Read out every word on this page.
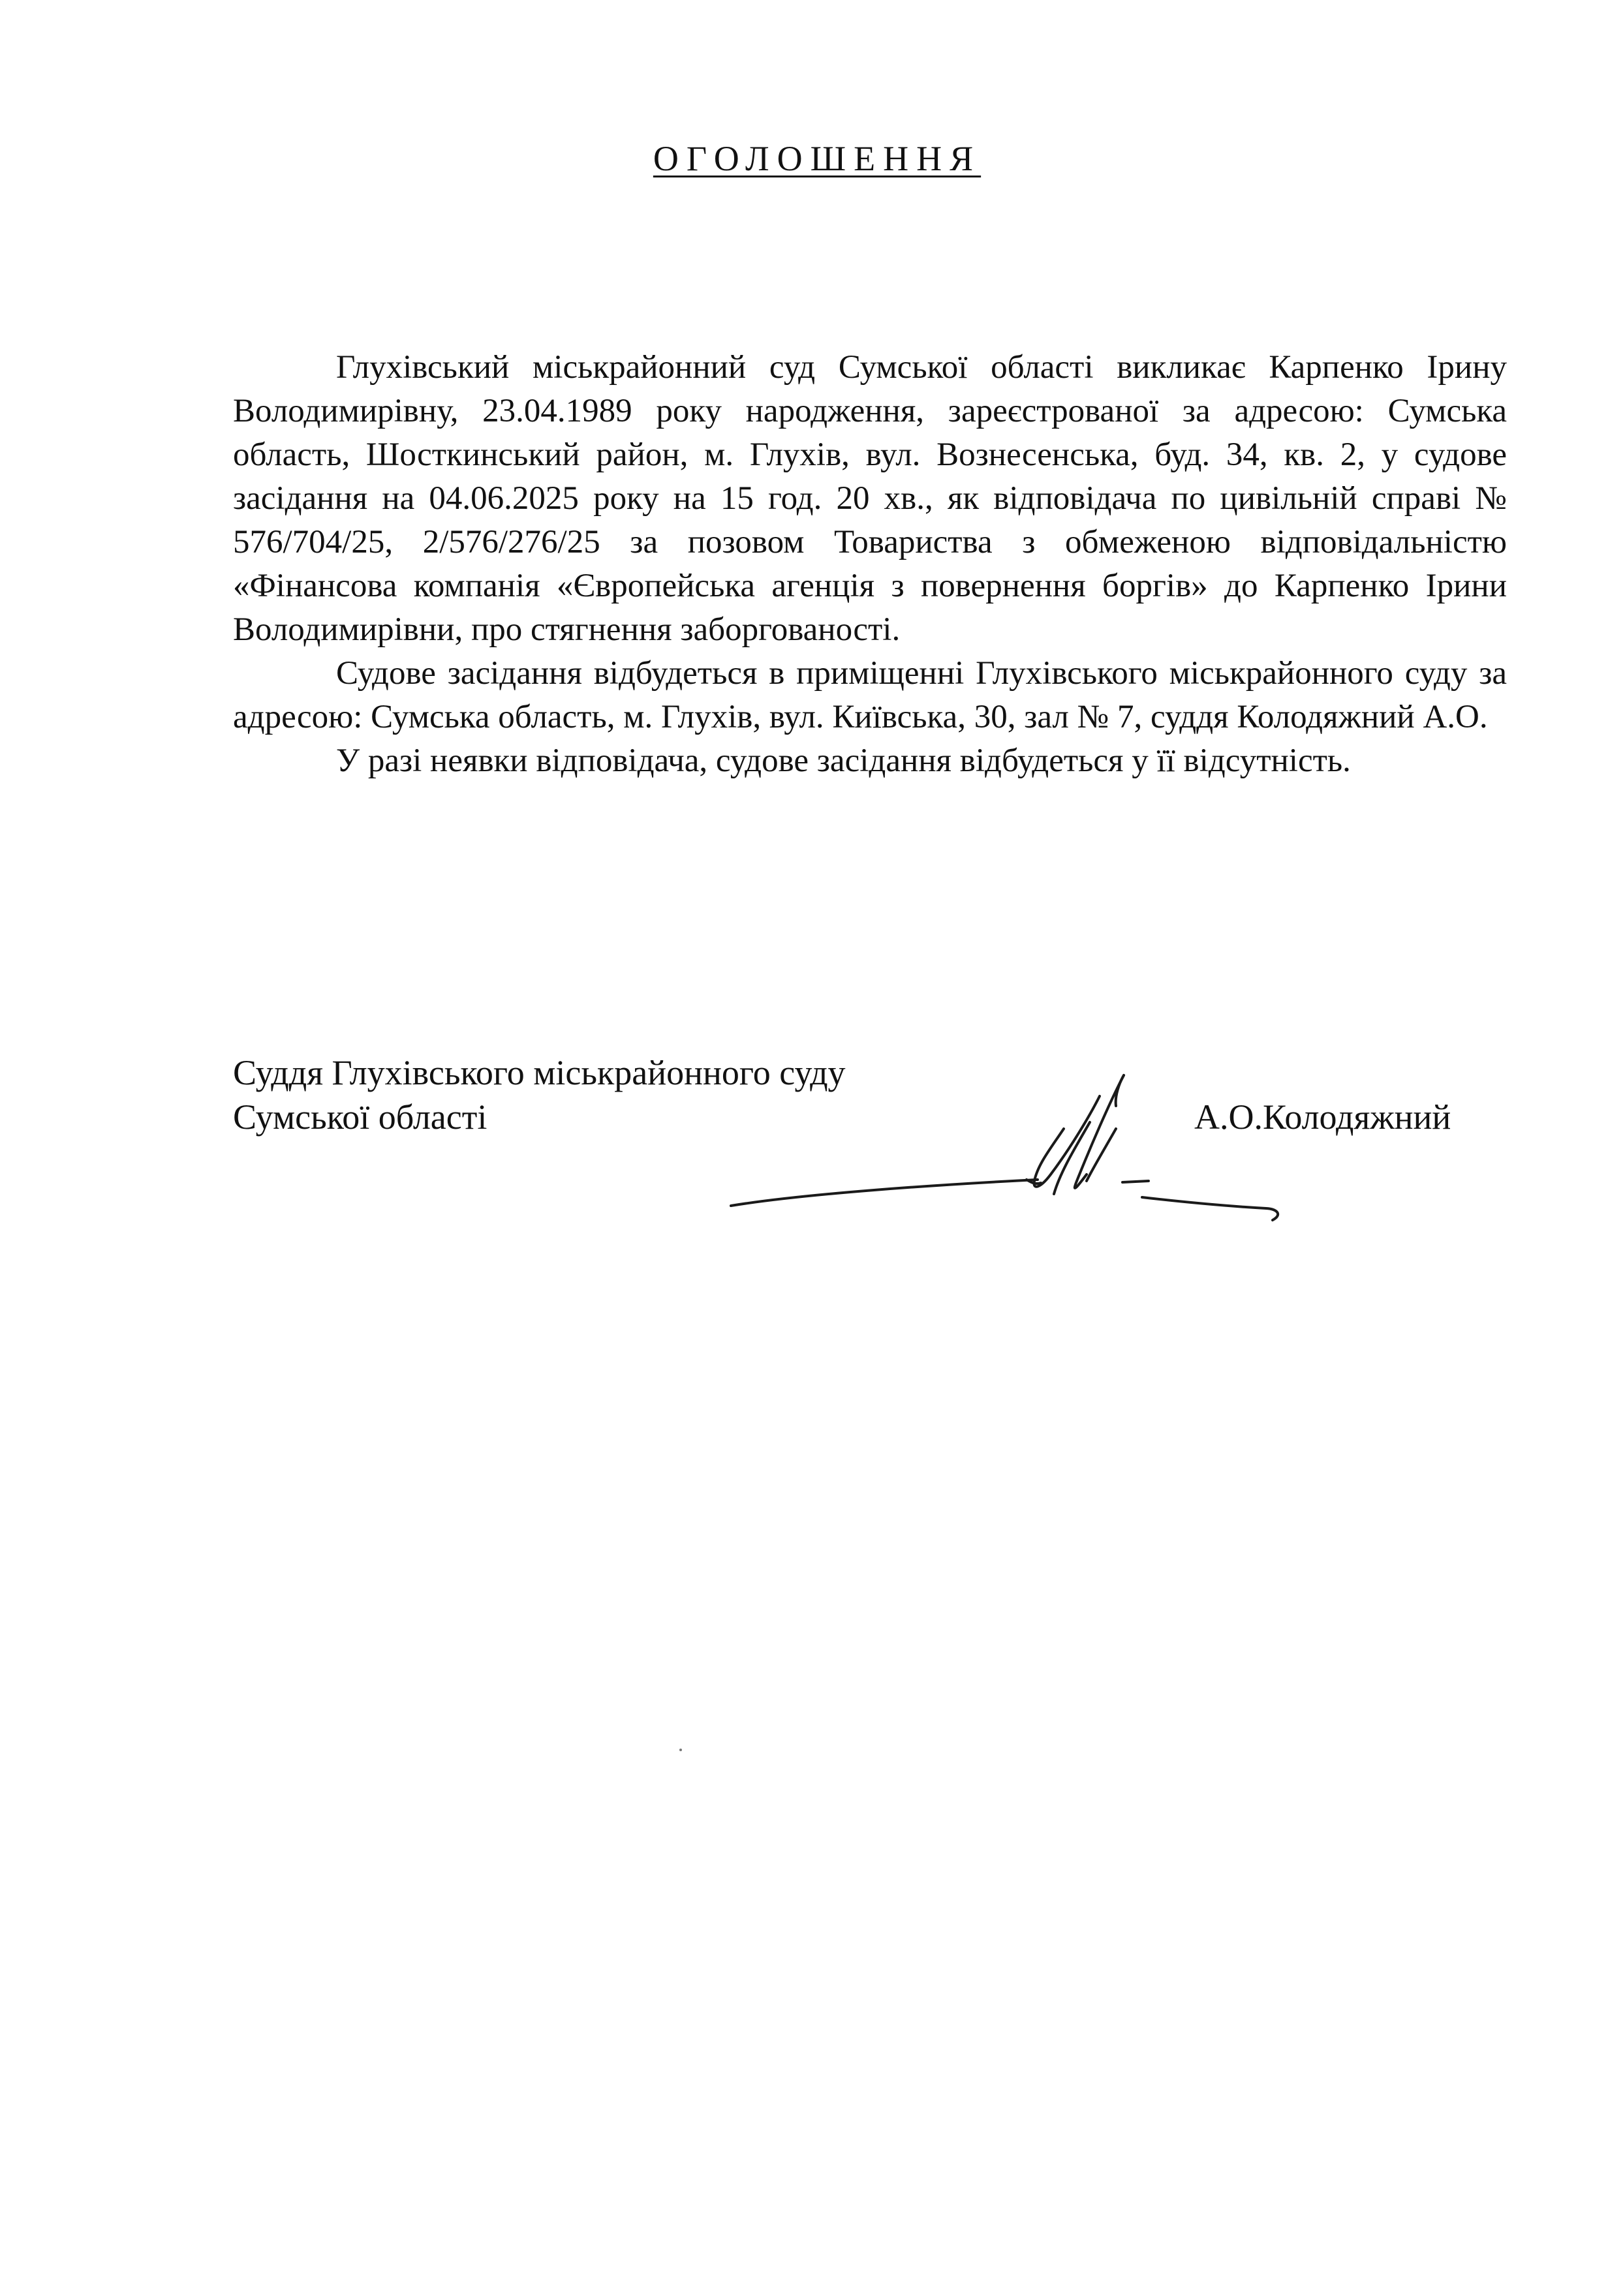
ОГОЛОШЕННЯ

Глухівський міськрайонний суд Сумської області викликає Карпенко Ірину Володимирівну, 23.04.1989 року народження, зареєстрованої за адресою: Сумська область, Шосткинський район, м. Глухів, вул. Вознесенська, буд. 34, кв. 2, у судове засідання на 04.06.2025 року на 15 год. 20 хв., як відповідача по цивільній справі № 576/704/25, 2/576/276/25 за позовом Товариства з обмеженою відповідальністю «Фінансова компанія «Європейська агенція з повернення боргів» до Карпенко Ірини Володимирівни, про стягнення заборгованості.

Судове засідання відбудеться в приміщенні Глухівського міськрайонного суду за адресою: Сумська область, м. Глухів, вул. Київська, 30, зал № 7, суддя Колодяжний А.О.

У разі неявки відповідача, судове засідання відбудеться у її відсутність.

Суддя Глухівського міськрайонного суду
Сумської області	А.О.Колодяжний
